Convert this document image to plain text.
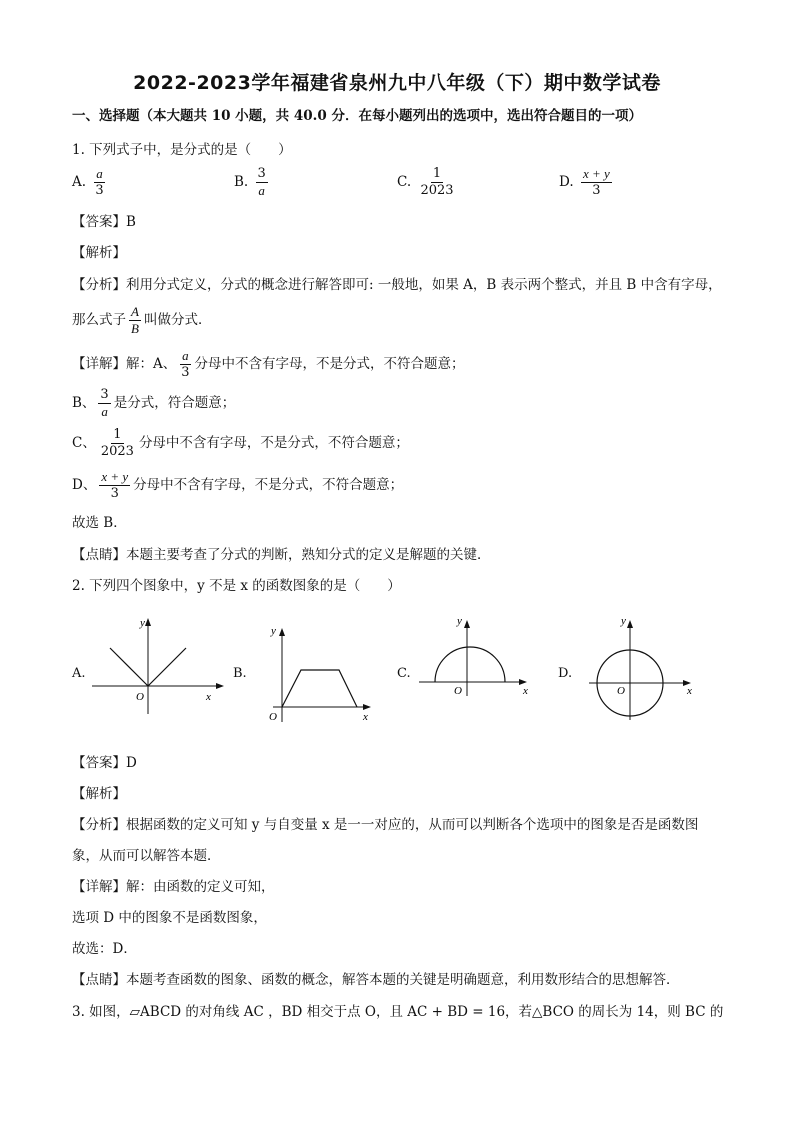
2022-2023学年福建省泉州九中八年级（下）期中数学试卷
一、选择题（本大题共 10 小题，共 40.0 分．在每小题列出的选项中，选出符合题目的一项）
1. 下列式子中，是分式的是（　　）
A. $\frac{a}{3}$	B. $\frac{3}{a}$	C. $\frac{1}{2023}$	D. $\frac{x + y}{3}$
【答案】B
【解析】
【分析】利用分式定义，分式的概念进行解答即可: 一般地，如果 A，B 表示两个整式，并且 B 中含有字母，
那么式子 $\frac{A}{B}$ 叫做分式．
【详解】解：A、 $\frac{a}{3}$ 分母中不含有字母，不是分式，不符合题意；
B、 $\frac{3}{a}$ 是分式，符合题意；
C、 $\frac{1}{2023}$ 分母中不含有字母，不是分式，不符合题意；
D、 $\frac{x + y}{3}$ 分母中不含有字母，不是分式，不符合题意；
故选 B．
【点睛】本题主要考查了分式的判断，熟知分式的定义是解题的关键．
2. 下列四个图象中，y 不是 x 的函数图象的是（　　）
A.
y
x
O
B.
y
x
O
C.
y
x
O
D.
y
x
O
【答案】D
【解析】
【分析】根据函数的定义可知 y 与自变量 x 是一一对应的，从而可以判断各个选项中的图象是否是函数图
象，从而可以解答本题．
【详解】解：由函数的定义可知，
选项 D 中的图象不是函数图象，
故选：D．
【点睛】本题考查函数的图象、函数的概念，解答本题的关键是明确题意，利用数形结合的思想解答．
3. 如图，▱ABCD 的对角线 AC ，BD 相交于点 O，且 AC + BD = 16，若△BCO 的周长为 14，则 BC 的
